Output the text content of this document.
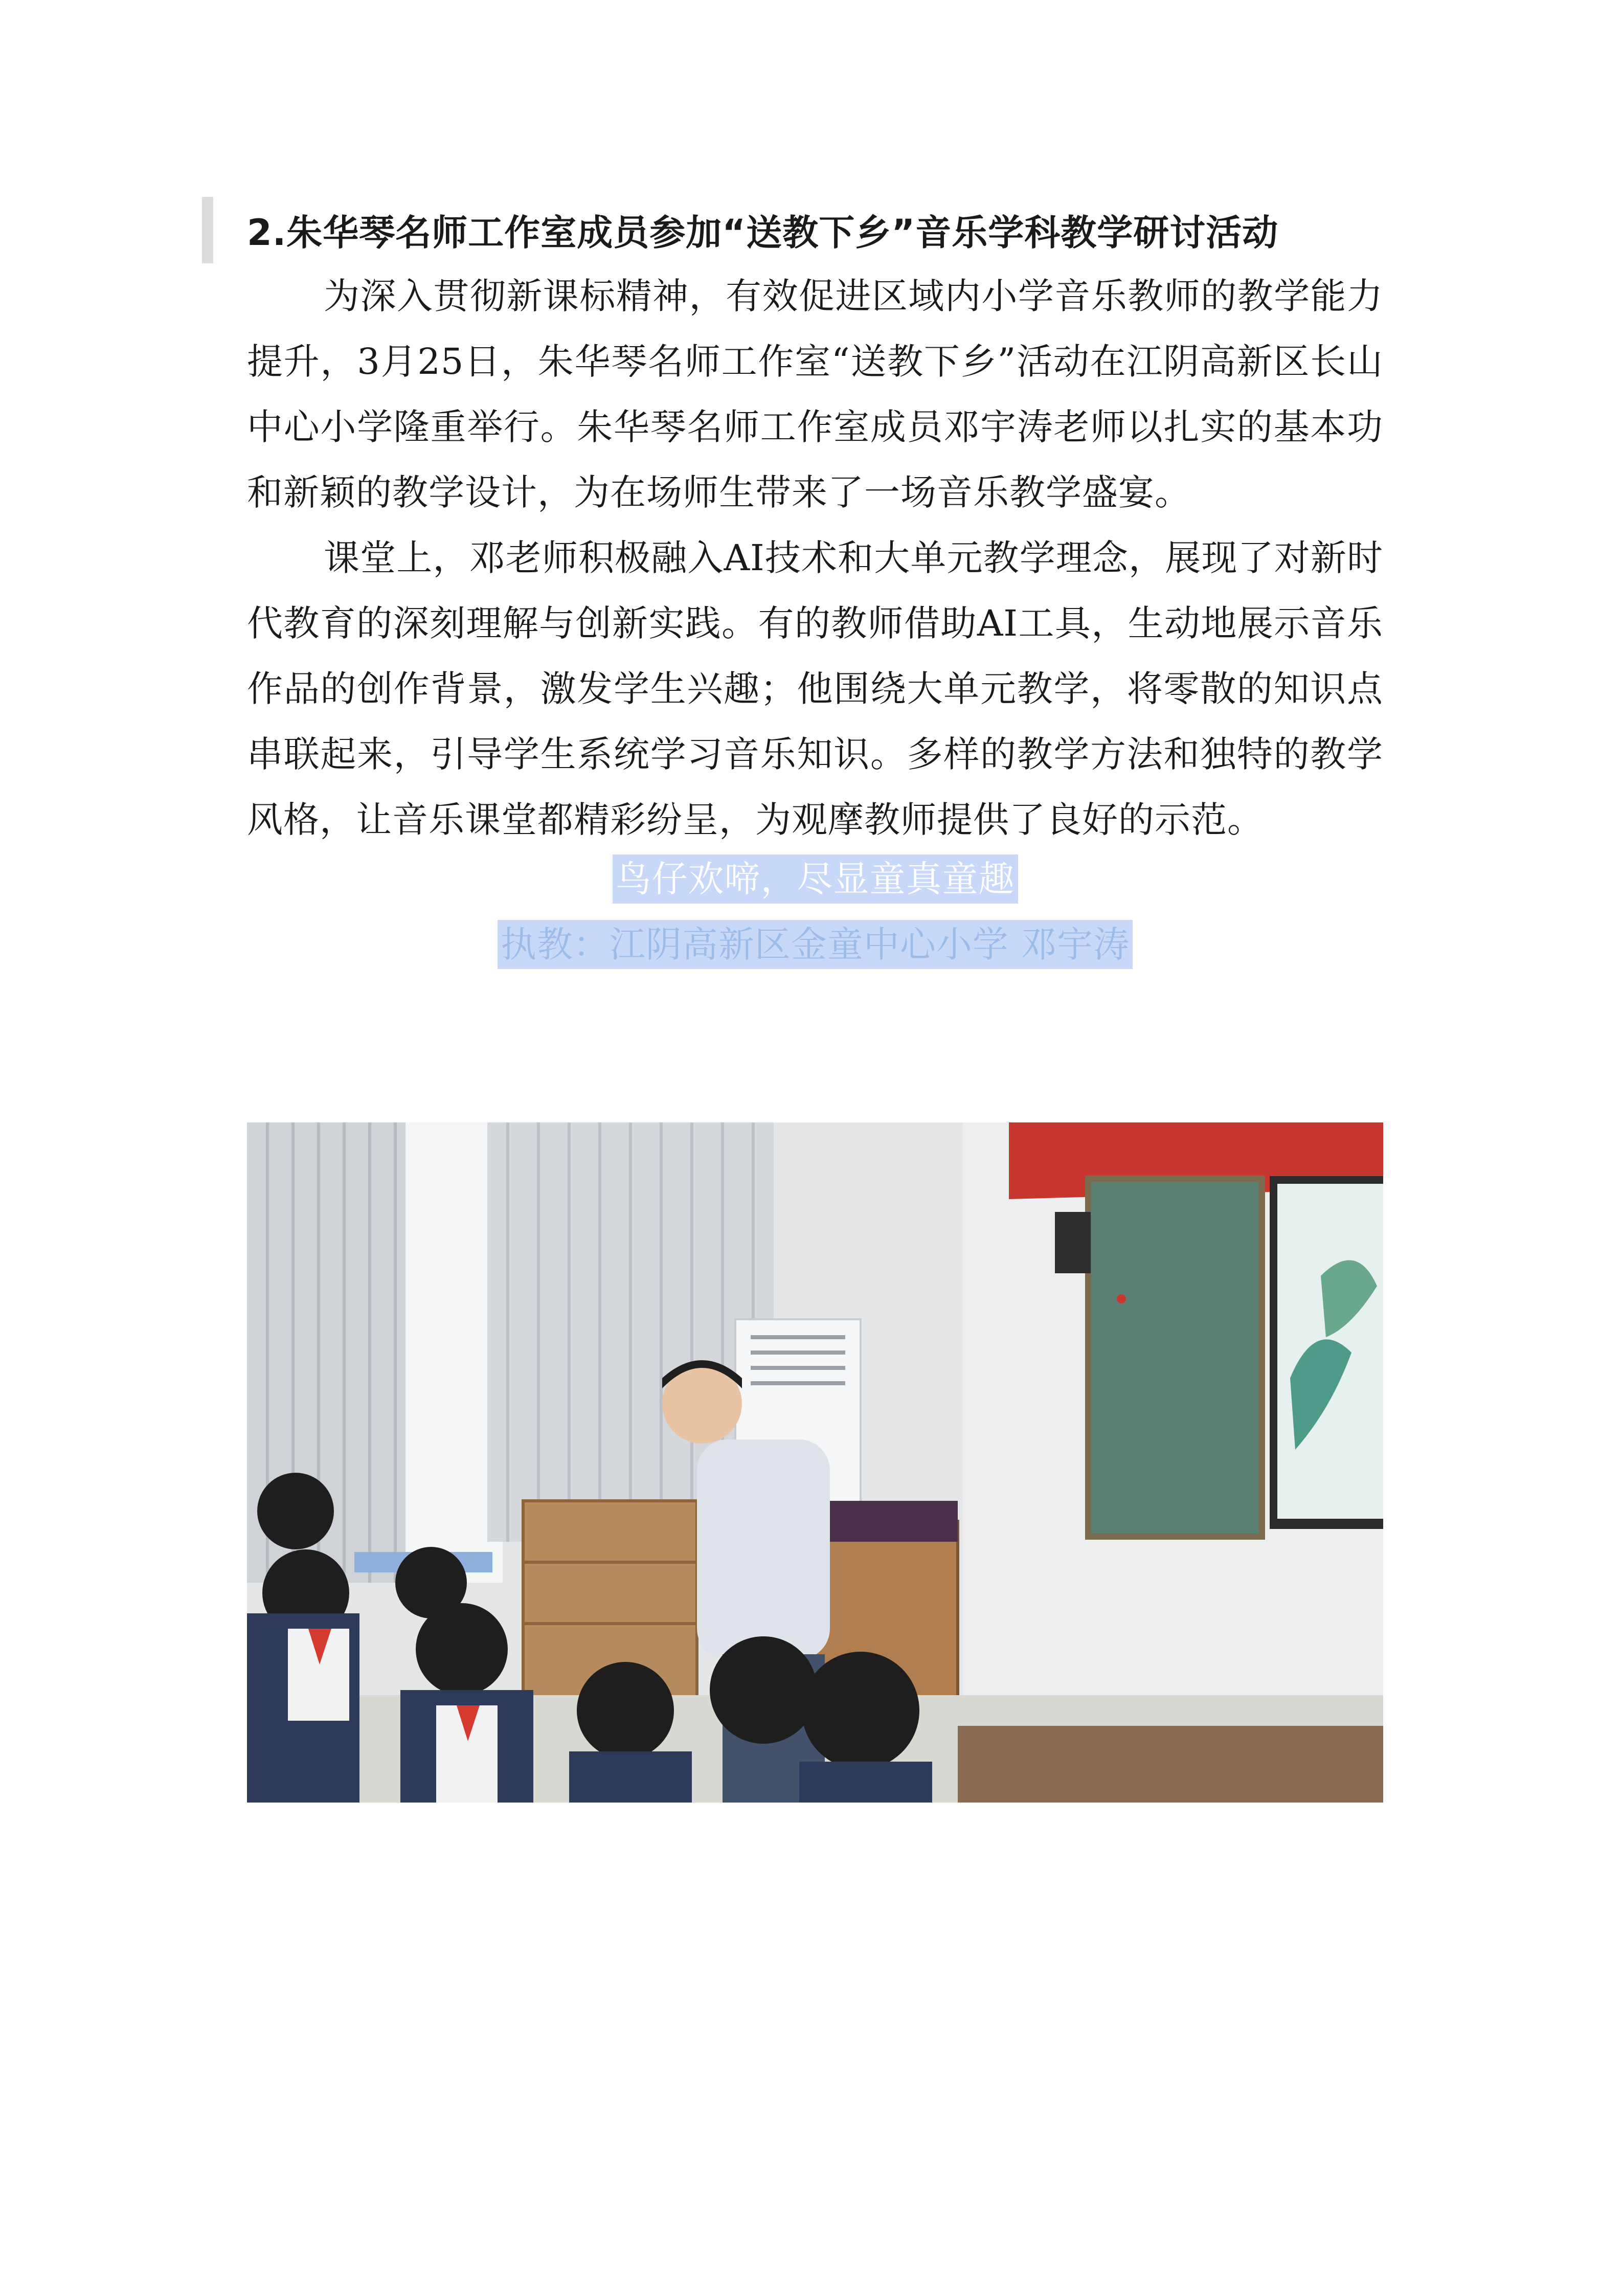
2.朱华琴名师工作室成员参加“送教下乡”音乐学科教学研讨活动

为深入贯彻新课标精神，有效促进区域内小学音乐教师的教学能力提升，3月25日，朱华琴名师工作室“送教下乡”活动在江阴高新区长山中心小学隆重举行。朱华琴名师工作室成员邓宇涛老师以扎实的基本功和新颖的教学设计，为在场师生带来了一场音乐教学盛宴。

课堂上，邓老师积极融入AI技术和大单元教学理念，展现了对新时代教育的深刻理解与创新实践。有的教师借助AI工具，生动地展示音乐作品的创作背景，激发学生兴趣；他围绕大单元教学，将零散的知识点串联起来，引导学生系统学习音乐知识。多样的教学方法和独特的教学风格，让音乐课堂都精彩纷呈，为观摩教师提供了良好的示范。

鸟仔欢啼，尽显童真童趣
执教：江阴高新区金童中心小学 邓宇涛
